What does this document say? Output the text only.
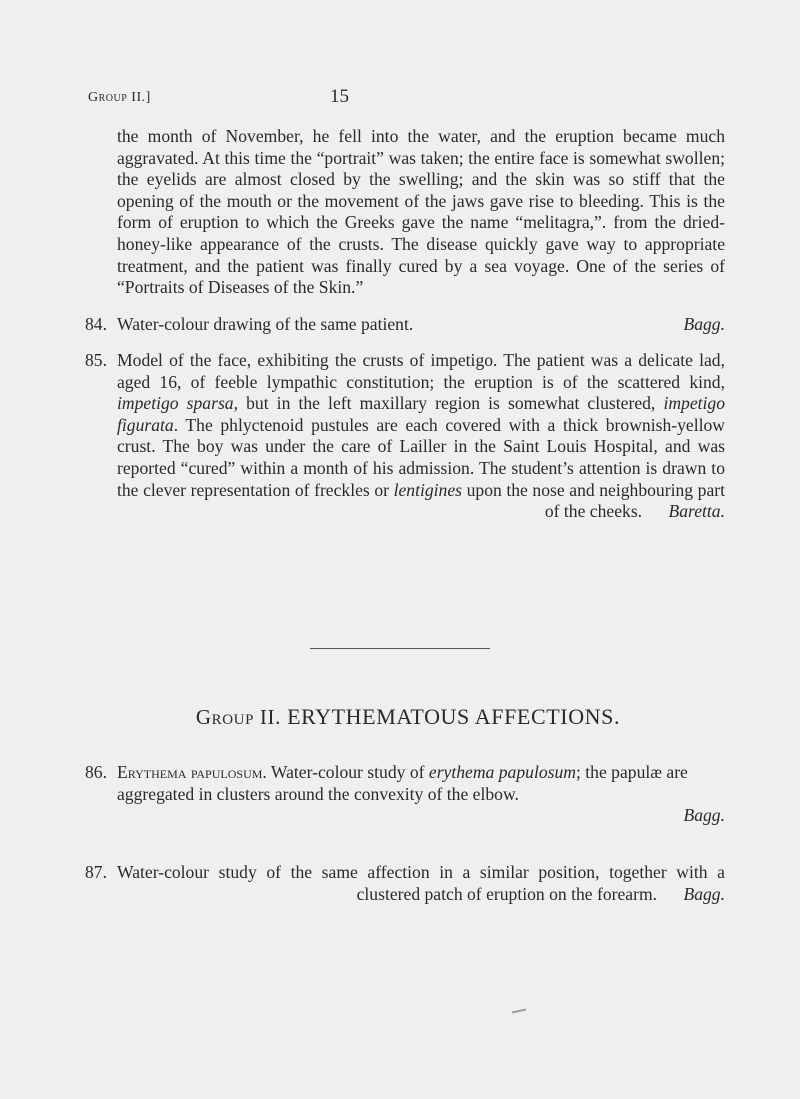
Group II.]	15
the month of November, he fell into the water, and the eruption became much aggravated. At this time the “portrait” was taken; the entire face is somewhat swollen; the eyelids are almost closed by the swelling; and the skin was so stiff that the opening of the mouth or the movement of the jaws gave rise to bleeding. This is the form of eruption to which the Greeks gave the name “melitagra,”. from the dried-honey-like appearance of the crusts. The disease quickly gave way to appropriate treatment, and the patient was finally cured by a sea voyage. One of the series of “Portraits of Diseases of the Skin.”
84. Water-colour drawing of the same patient.	Bagg.
85. Model of the face, exhibiting the crusts of impetigo. The patient was a delicate lad, aged 16, of feeble lympathic constitution; the eruption is of the scattered kind, impetigo sparsa, but in the left maxillary region is somewhat clustered, impetigo figurata. The phlyctenoid pustules are each covered with a thick brownish-yellow crust. The boy was under the care of Lailler in the Saint Louis Hospital, and was reported “cured” within a month of his admission. The student’s attention is drawn to the clever representation of freckles or lentigines upon the nose and neighbouring part of the cheeks. Baretta.
Group II. ERYTHEMATOUS AFFECTIONS.
86. Erythema papulosum. Water-colour study of erythema papulosum; the papulæ are aggregated in clusters around the convexity of the elbow.
Bagg.
87. Water-colour study of the same affection in a similar position, together with a clustered patch of eruption on the forearm. Bagg.
